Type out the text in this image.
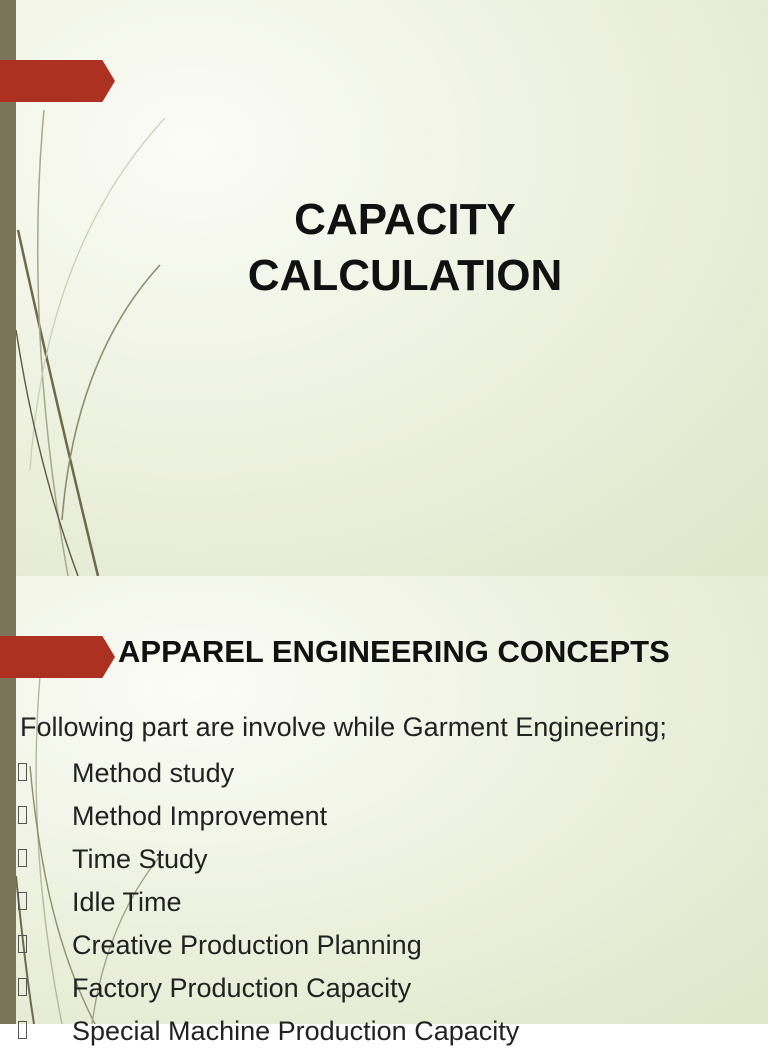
CAPACITY
CALCULATION
APPAREL ENGINEERING CONCEPTS
Following part are involve while Garment Engineering;
Method study
Method Improvement
Time Study
Idle Time
Creative Production Planning
Factory Production Capacity
Special Machine Production Capacity
